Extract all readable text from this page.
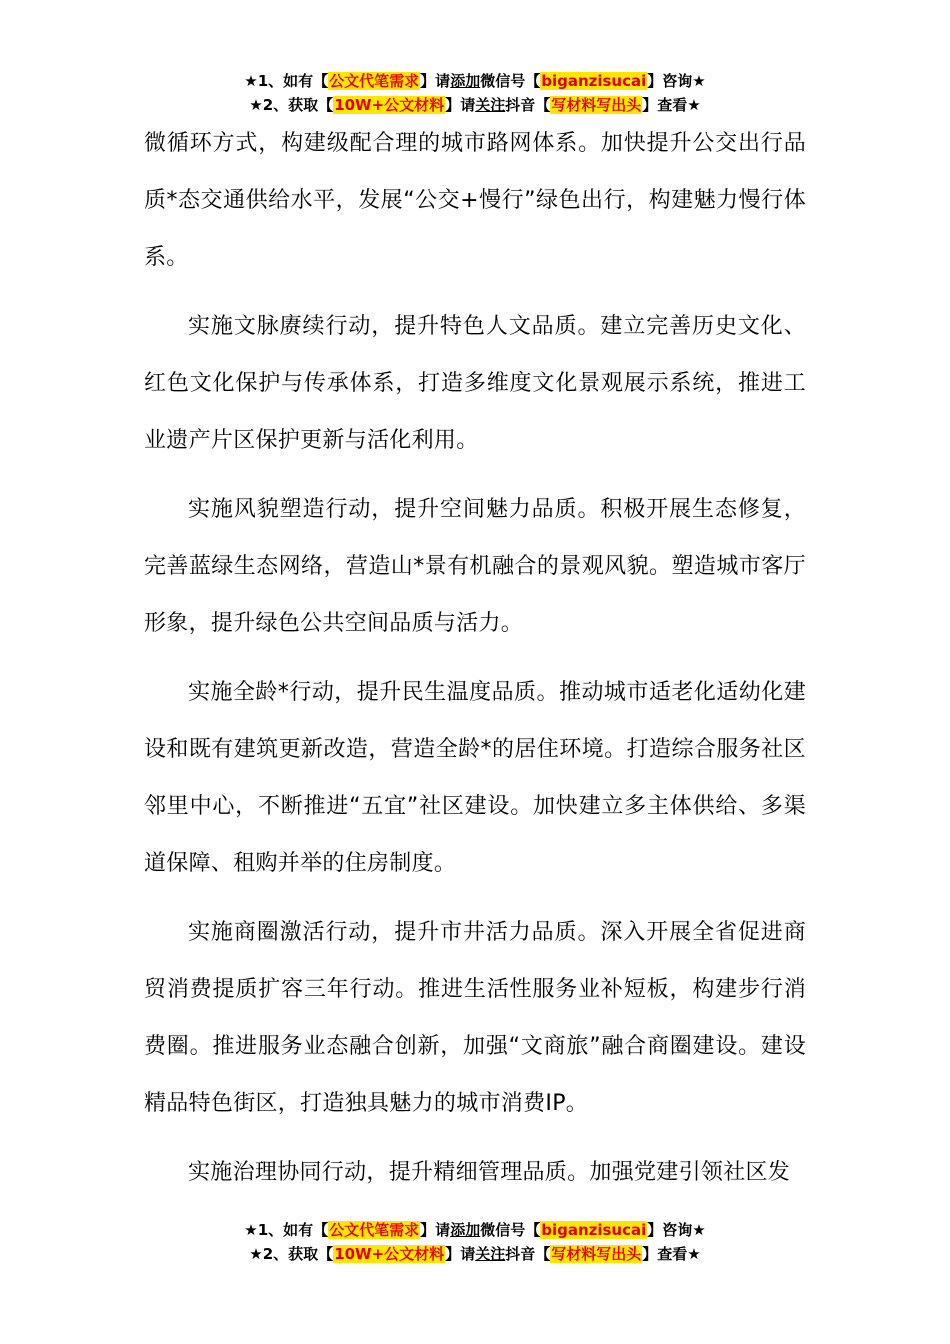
★1、如有【公文代笔需求】请添加微信号【biganzisucai】咨询★
★2、获取【10W+公文材料】请关注抖音【写材料写出头】查看★

微循环方式，构建级配合理的城市路网体系。加快提升公交出行品质*态交通供给水平，发展“公交+慢行”绿色出行，构建魅力慢行体系。

实施文脉赓续行动，提升特色人文品质。建立完善历史文化、红色文化保护与传承体系，打造多维度文化景观展示系统，推进工业遗产片区保护更新与活化利用。

实施风貌塑造行动，提升空间魅力品质。积极开展生态修复，完善蓝绿生态网络，营造山*景有机融合的景观风貌。塑造城市客厅形象，提升绿色公共空间品质与活力。

实施全龄*行动，提升民生温度品质。推动城市适老化适幼化建设和既有建筑更新改造，营造全龄*的居住环境。打造综合服务社区邻里中心，不断推进“五宜”社区建设。加快建立多主体供给、多渠道保障、租购并举的住房制度。

实施商圈激活行动，提升市井活力品质。深入开展全省促进商贸消费提质扩容三年行动。推进生活性服务业补短板，构建步行消费圈。推进服务业态融合创新，加强“文商旅”融合商圈建设。建设精品特色街区，打造独具魅力的城市消费IP。

实施治理协同行动，提升精细管理品质。加强党建引领社区发

★1、如有【公文代笔需求】请添加微信号【biganzisucai】咨询★
★2、获取【10W+公文材料】请关注抖音【写材料写出头】查看★
